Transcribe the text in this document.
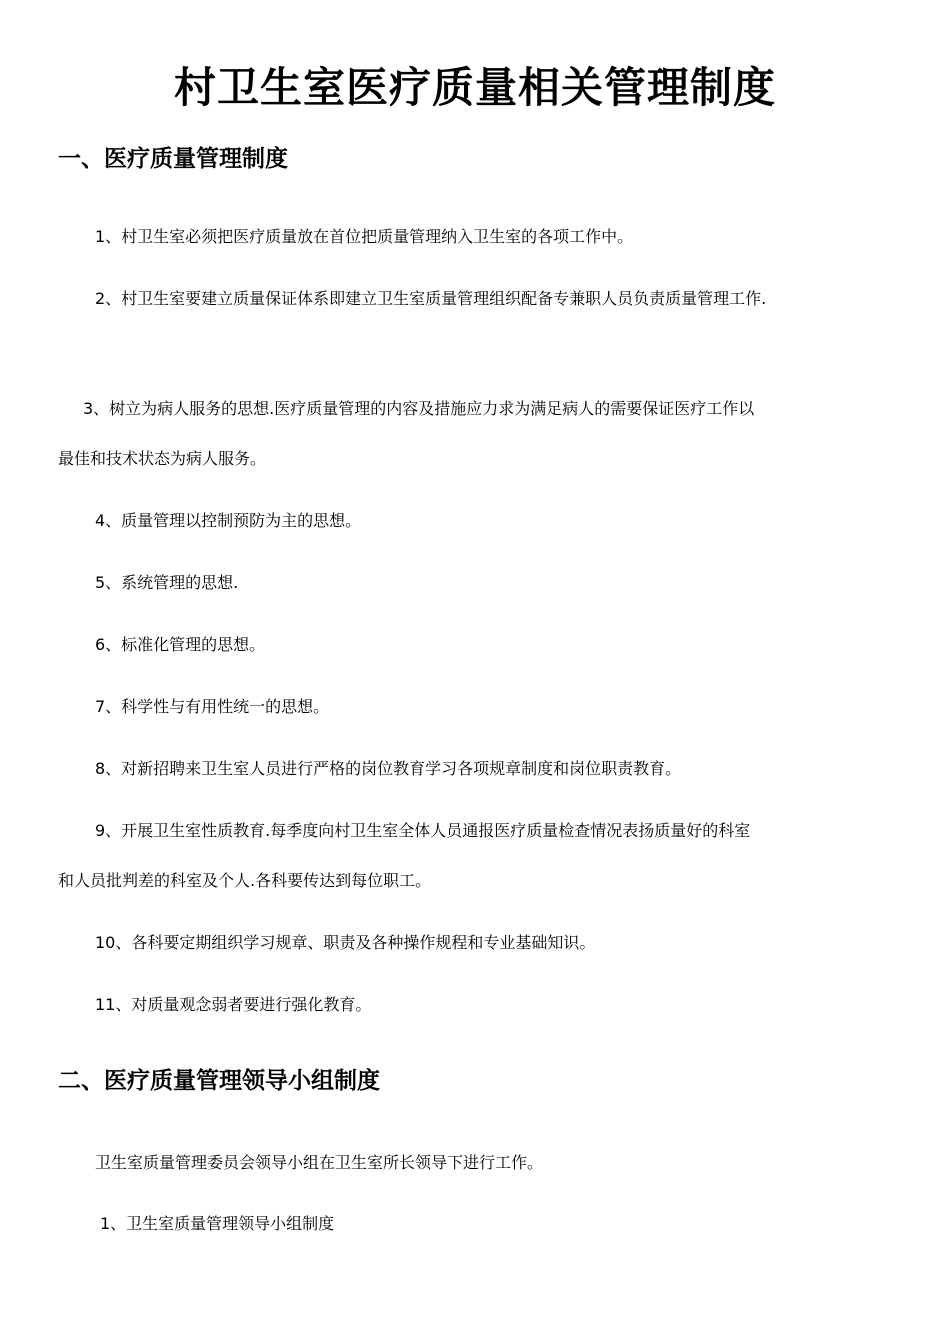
村卫生室医疗质量相关管理制度
一、医疗质量管理制度

1、村卫生室必须把医疗质量放在首位把质量管理纳入卫生室的各项工作中。

2、村卫生室要建立质量保证体系即建立卫生室质量管理组织配备专兼职人员负责质量管理工作.

3、树立为病人服务的思想.医疗质量管理的内容及措施应力求为满足病人的需要保证医疗工作以

最佳和技术状态为病人服务。

4、质量管理以控制预防为主的思想。

5、系统管理的思想.

6、标准化管理的思想。

7、科学性与有用性统一的思想。

8、对新招聘来卫生室人员进行严格的岗位教育学习各项规章制度和岗位职责教育。

9、开展卫生室性质教育.每季度向村卫生室全体人员通报医疗质量检查情况表扬质量好的科室

和人员批判差的科室及个人.各科要传达到每位职工。

10、各科要定期组织学习规章、职责及各种操作规程和专业基础知识。

11、对质量观念弱者要进行强化教育。

二、医疗质量管理领导小组制度

卫生室质量管理委员会领导小组在卫生室所长领导下进行工作。

1、卫生室质量管理领导小组制度
